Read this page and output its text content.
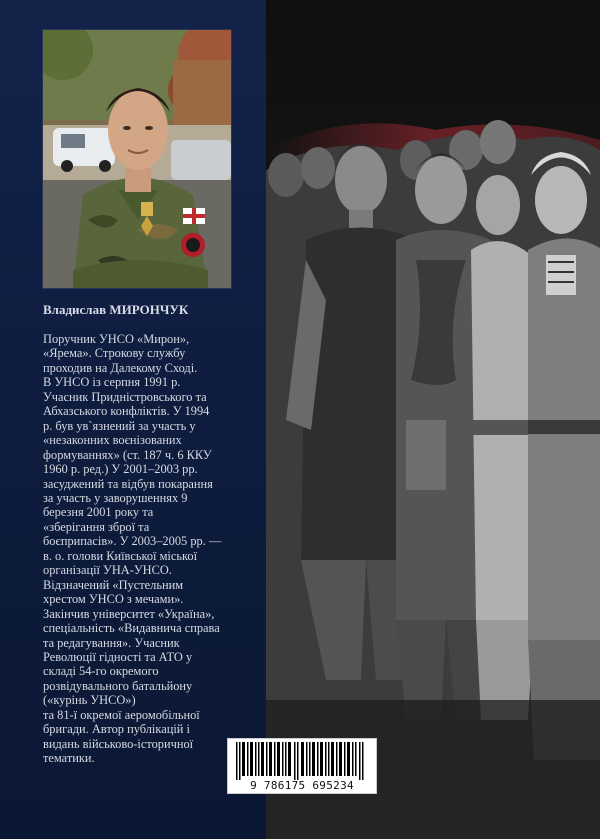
Владислав МИРОНЧУК

Поручник УНСО «Мирон»,
«Ярема». Строкову службу
проходив на Далекому Сході.
В УНСО із серпня 1991 р.
Учасник Придністровського та
Абхазського конфліктів. У 1994
р. був ув`язнений за участь у
«незаконних воєнізованих
формуваннях» (ст. 187 ч. 6 ККУ
1960 р. ред.) У 2001–2003 рр.
засуджений та відбув покарання
за участь у заворушеннях 9
березня 2001 року та
«зберігання зброї та
боєприпасів». У 2003–2005 рр. —
в. о. голови Київської міської
організації УНА-УНСО.
Відзначений «Пустельним
хрестом УНСО з мечами».
Закінчив університет «Україна»,
спеціальність «Видавнича справа
та редагування». Учасник
Революції гідності та АТО у
складі 54-го окремого
розвідувального батальйону
(«курінь УНСО»)
та 81-ї окремої аеромобільної
бригади. Автор публікацій і
видань військово-історичної
тематики.

9 786175 695234
